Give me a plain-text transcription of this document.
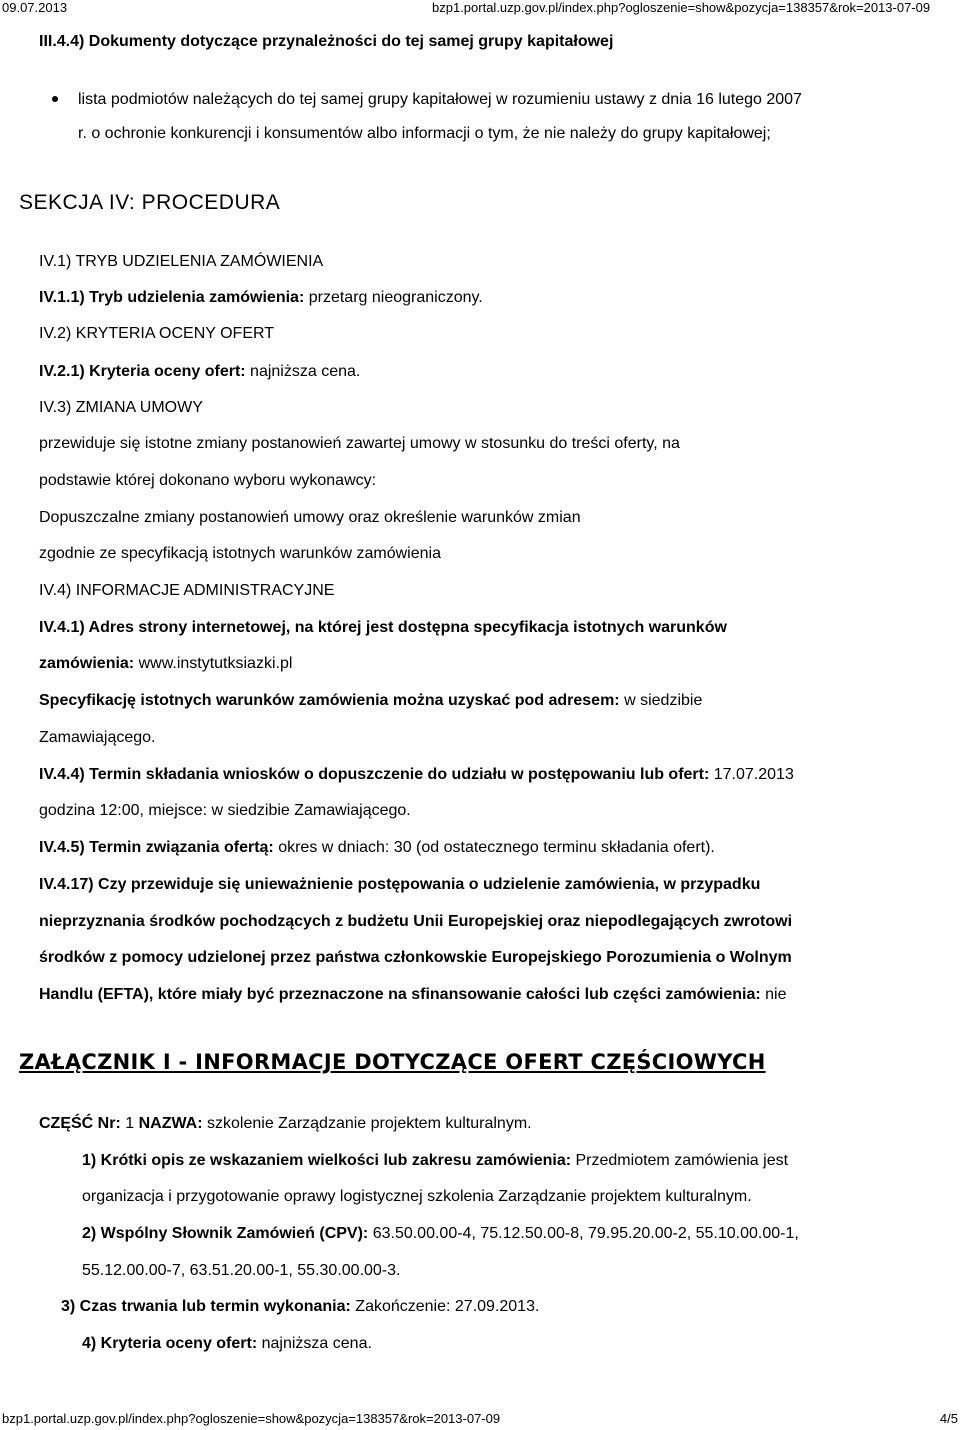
09.07.2013	bzp1.portal.uzp.gov.pl/index.php?ogloszenie=show&pozycja=138357&rok=2013-07-09
III.4.4) Dokumenty dotyczące przynależności do tej samej grupy kapitałowej
lista podmiotów należących do tej samej grupy kapitałowej w rozumieniu ustawy z dnia 16 lutego 2007
r. o ochronie konkurencji i konsumentów albo informacji o tym, że nie należy do grupy kapitałowej;
SEKCJA IV: PROCEDURA
IV.1) TRYB UDZIELENIA ZAMÓWIENIA
IV.1.1) Tryb udzielenia zamówienia: przetarg nieograniczony.
IV.2) KRYTERIA OCENY OFERT
IV.2.1) Kryteria oceny ofert: najniższa cena.
IV.3) ZMIANA UMOWY
przewiduje się istotne zmiany postanowień zawartej umowy w stosunku do treści oferty, na
podstawie której dokonano wyboru wykonawcy:
Dopuszczalne zmiany postanowień umowy oraz określenie warunków zmian
zgodnie ze specyfikacją istotnych warunków zamówienia
IV.4) INFORMACJE ADMINISTRACYJNE
IV.4.1) Adres strony internetowej, na której jest dostępna specyfikacja istotnych warunków
zamówienia: www.instytutksiazki.pl
Specyfikację istotnych warunków zamówienia można uzyskać pod adresem: w siedzibie
Zamawiającego.
IV.4.4) Termin składania wniosków o dopuszczenie do udziału w postępowaniu lub ofert: 17.07.2013
godzina 12:00, miejsce: w siedzibie Zamawiającego.
IV.4.5) Termin związania ofertą: okres w dniach: 30 (od ostatecznego terminu składania ofert).
IV.4.17) Czy przewiduje się unieważnienie postępowania o udzielenie zamówienia, w przypadku
nieprzyznania środków pochodzących z budżetu Unii Europejskiej oraz niepodlegających zwrotowi
środków z pomocy udzielonej przez państwa członkowskie Europejskiego Porozumienia o Wolnym
Handlu (EFTA), które miały być przeznaczone na sfinansowanie całości lub części zamówienia: nie
ZAŁĄCZNIK I - INFORMACJE DOTYCZĄCE OFERT CZĘŚCIOWYCH
CZĘŚĆ Nr: 1 NAZWA: szkolenie Zarządzanie projektem kulturalnym.
1) Krótki opis ze wskazaniem wielkości lub zakresu zamówienia: Przedmiotem zamówienia jest
organizacja i przygotowanie oprawy logistycznej szkolenia Zarządzanie projektem kulturalnym.
2) Wspólny Słownik Zamówień (CPV): 63.50.00.00-4, 75.12.50.00-8, 79.95.20.00-2, 55.10.00.00-1,
55.12.00.00-7, 63.51.20.00-1, 55.30.00.00-3.
3) Czas trwania lub termin wykonania: Zakończenie: 27.09.2013.
4) Kryteria oceny ofert: najniższa cena.
bzp1.portal.uzp.gov.pl/index.php?ogloszenie=show&pozycja=138357&rok=2013-07-09	4/5
